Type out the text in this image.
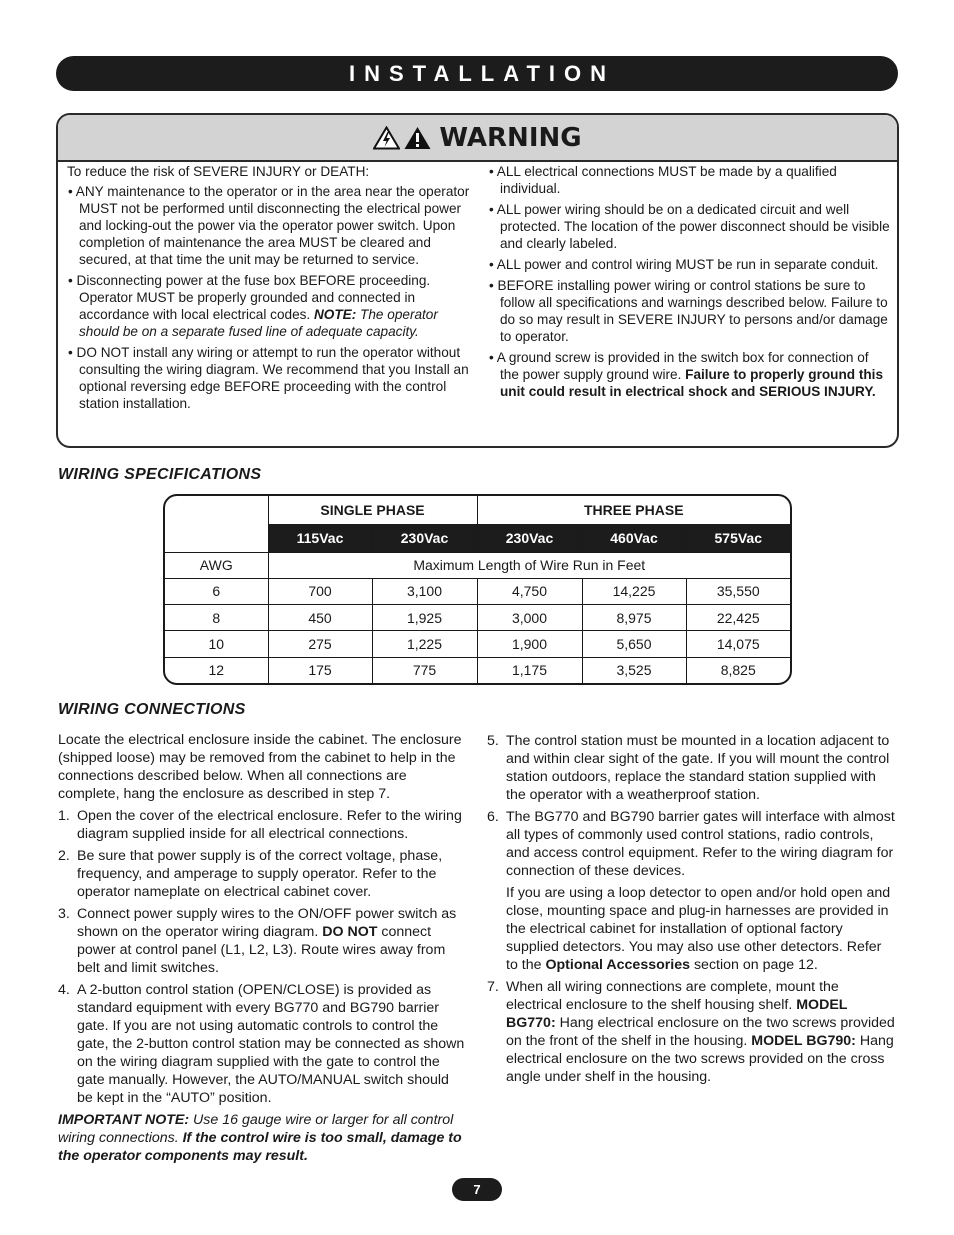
INSTALLATION
WARNING

To reduce the risk of SEVERE INJURY or DEATH:

• ANY maintenance to the operator or in the area near the operator MUST not be performed until disconnecting the electrical power and locking-out the power via the operator power switch. Upon completion of maintenance the area MUST be cleared and secured, at that time the unit may be returned to service.

• Disconnecting power at the fuse box BEFORE proceeding. Operator MUST be properly grounded and connected in accordance with local electrical codes. NOTE: The operator should be on a separate fused line of adequate capacity.

• DO NOT install any wiring or attempt to run the operator without consulting the wiring diagram. We recommend that you Install an optional reversing edge BEFORE proceeding with the control station installation.

• ALL electrical connections MUST be made by a qualified individual.

• ALL power wiring should be on a dedicated circuit and well protected. The location of the power disconnect should be visible and clearly labeled.

• ALL power and control wiring MUST be run in separate conduit.

• BEFORE installing power wiring or control stations be sure to follow all specifications and warnings described below. Failure to do so may result in SEVERE INJURY to persons and/or damage to operator.

• A ground screw is provided in the switch box for connection of the power supply ground wire. Failure to properly ground this unit could result in electrical shock and SERIOUS INJURY.

WIRING SPECIFICATIONS
	SINGLE PHASE		THREE PHASE		
	115Vac	230Vac	230Vac	460Vac	575Vac
AWG	Maximum Length of Wire Run in Feet				
6	700	3,100	4,750	14,225	35,550
8	450	1,925	3,000	8,975	22,425
10	275	1,225	1,900	5,650	14,075
12	175	775	1,175	3,525	8,825
WIRING CONNECTIONS

Locate the electrical enclosure inside the cabinet. The enclosure (shipped loose) may be removed from the cabinet to help in the connections described below. When all connections are complete, hang the enclosure as described in step 7.

1. Open the cover of the electrical enclosure. Refer to the wiring diagram supplied inside for all electrical connections.
2. Be sure that power supply is of the correct voltage, phase, frequency, and amperage to supply operator. Refer to the operator nameplate on electrical cabinet cover.
3. Connect power supply wires to the ON/OFF power switch as shown on the operator wiring diagram. DO NOT connect power at control panel (L1, L2, L3). Route wires away from belt and limit switches.
4. A 2-button control station (OPEN/CLOSE) is provided as standard equipment with every BG770 and BG790 barrier gate. If you are not using automatic controls to control the gate, the 2-button control station may be connected as shown on the wiring diagram supplied with the gate to control the gate manually. However, the AUTO/MANUAL switch should be kept in the “AUTO” position.

IMPORTANT NOTE: Use 16 gauge wire or larger for all control wiring connections. If the control wire is too small, damage to the operator components may result.

5. The control station must be mounted in a location adjacent to and within clear sight of the gate. If you will mount the control station outdoors, replace the standard station supplied with the operator with a weatherproof station.
6. The BG770 and BG790 barrier gates will interface with almost all types of commonly used control stations, radio controls, and access control equipment. Refer to the wiring diagram for connection of these devices.
If you are using a loop detector to open and/or hold open and close, mounting space and plug-in harnesses are provided in the electrical cabinet for installation of optional factory supplied detectors. You may also use other detectors. Refer to the Optional Accessories section on page 12.
7. When all wiring connections are complete, mount the electrical enclosure to the shelf housing shelf. MODEL BG770: Hang electrical enclosure on the two screws provided on the front of the shelf in the housing. MODEL BG790: Hang electrical enclosure on the two screws provided on the cross angle under shelf in the housing.
7
